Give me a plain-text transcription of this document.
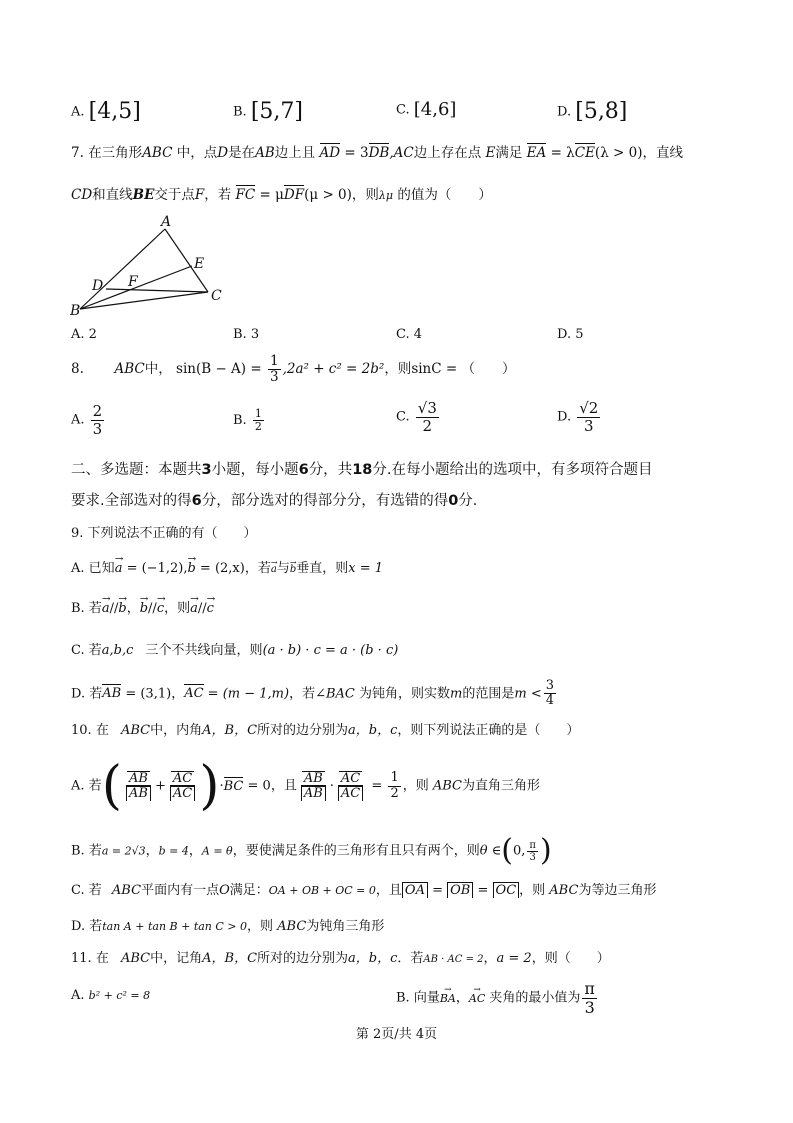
A. [4,5]	B. [5,7]	C. [4,6]	D. [5,8]
7. 在三角形ABC 中，点D是在AB边上且 AD = 3DB,AC边上存在点 E满足 EA = λCE(λ > 0)，直线
CD和直线BE交于点F，若 FC = μDF(μ > 0)，则λμ 的值为（　　）
A
B
C
D
E
F
A. 2	B. 3	C. 4	D. 5
8. ABC中， $\sin(B - A) = \frac{1}{3} ,2a^2 + c^2 = 2b^2$，则sinC = （　　）
A. $\frac{2}{3}$	B. $\frac{1}{2}$	C. $\frac{√3}{2}$	D. $\frac{√2}{3}$
二、多选题：本题共3小题，每小题6分，共18分.在每小题给出的选项中，有多项符合题目
要求.全部选对的得6分，部分选对的得部分分，有选错的得0分.
9. 下列说法不正确的有（　　）
A. 已知→ a = (−1,2),→ b = (2,x)，若→ a与→ b垂直，则x = 1
B. 若→ a//→ b，→ b//→ c，则→ a//→ c
C. 若a,b,c 三个不共线向量，则(a · b) · c = a · (b · c)
D. 若AB = (3,1)，AC = (m − 1,m)，若∠BAC 为钝角，则实数m的范围是$m < \frac{3}{4}$
10. 在 ABC中，内角A，B，C所对的边分别为a，b，c，则下列说法正确的是（　　）
A. 若( $\frac{AB}{AB} + \frac{AC}{AC} )\cdot BC = 0$，且 $\frac{AB}{AB} \cdot \frac{AC}{AC} = \frac{1}{2}$ ，则 ABC为直角三角形
B. 若a = 2√3，b = 4，A = θ，要使满足条件的三角形有且只有两个，则θ ∈(0, $\frac{\pi}{3}$ )
C. 若 ABC平面内有一点O满足：OA + OB + OC = 0，且 OA = OB = OC ，则 ABC为等边三角形
D. 若tan A + tan B + tan C > 0，则 ABC为钝角三角形
11. 在 ABC中，记角A，B，C所对的边分别为a，b，c．若AB · AC = 2，a = 2，则（　　）
A. b² + c² = 8	B. 向量→ BA，→ AC 夹角的最小值为 $\frac{\pi}{3}$
第 2页/共 4页
